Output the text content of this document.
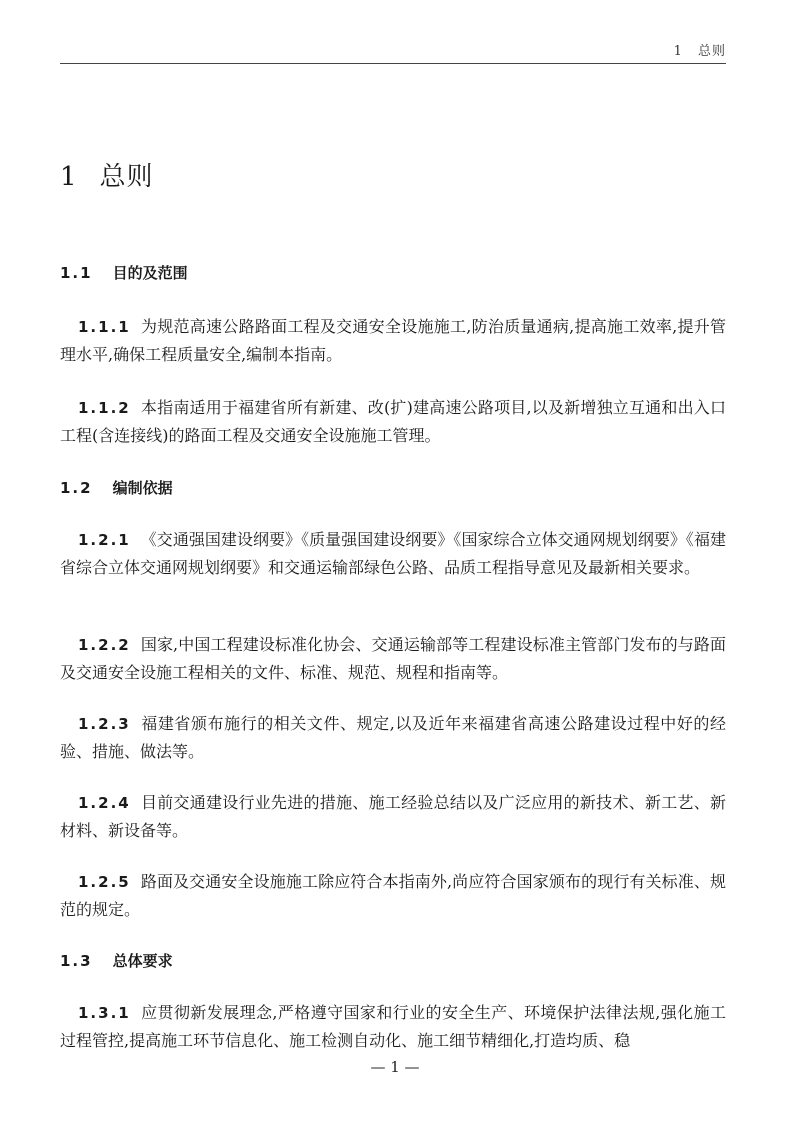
1 总则
1 总则
1.1 目的及范围

1.1.1 为规范高速公路路面工程及交通安全设施施工,防治质量通病,提高施工效率,提升管理水平,确保工程质量安全,编制本指南。

1.1.2 本指南适用于福建省所有新建、改(扩)建高速公路项目,以及新增独立互通和出入口工程(含连接线)的路面工程及交通安全设施施工管理。

1.2 编制依据

1.2.1 《交通强国建设纲要》《质量强国建设纲要》《国家综合立体交通网规划纲要》《福建省综合立体交通网规划纲要》和交通运输部绿色公路、品质工程指导意见及最新相关要求。

1.2.2 国家,中国工程建设标准化协会、交通运输部等工程建设标准主管部门发布的与路面及交通安全设施工程相关的文件、标准、规范、规程和指南等。

1.2.3 福建省颁布施行的相关文件、规定,以及近年来福建省高速公路建设过程中好的经验、措施、做法等。

1.2.4 目前交通建设行业先进的措施、施工经验总结以及广泛应用的新技术、新工艺、新材料、新设备等。

1.2.5 路面及交通安全设施施工除应符合本指南外,尚应符合国家颁布的现行有关标准、规范的规定。

1.3 总体要求

1.3.1 应贯彻新发展理念,严格遵守国家和行业的安全生产、环境保护法律法规,强化施工过程管控,提高施工环节信息化、施工检测自动化、施工细节精细化,打造均质、稳

— 1 —
